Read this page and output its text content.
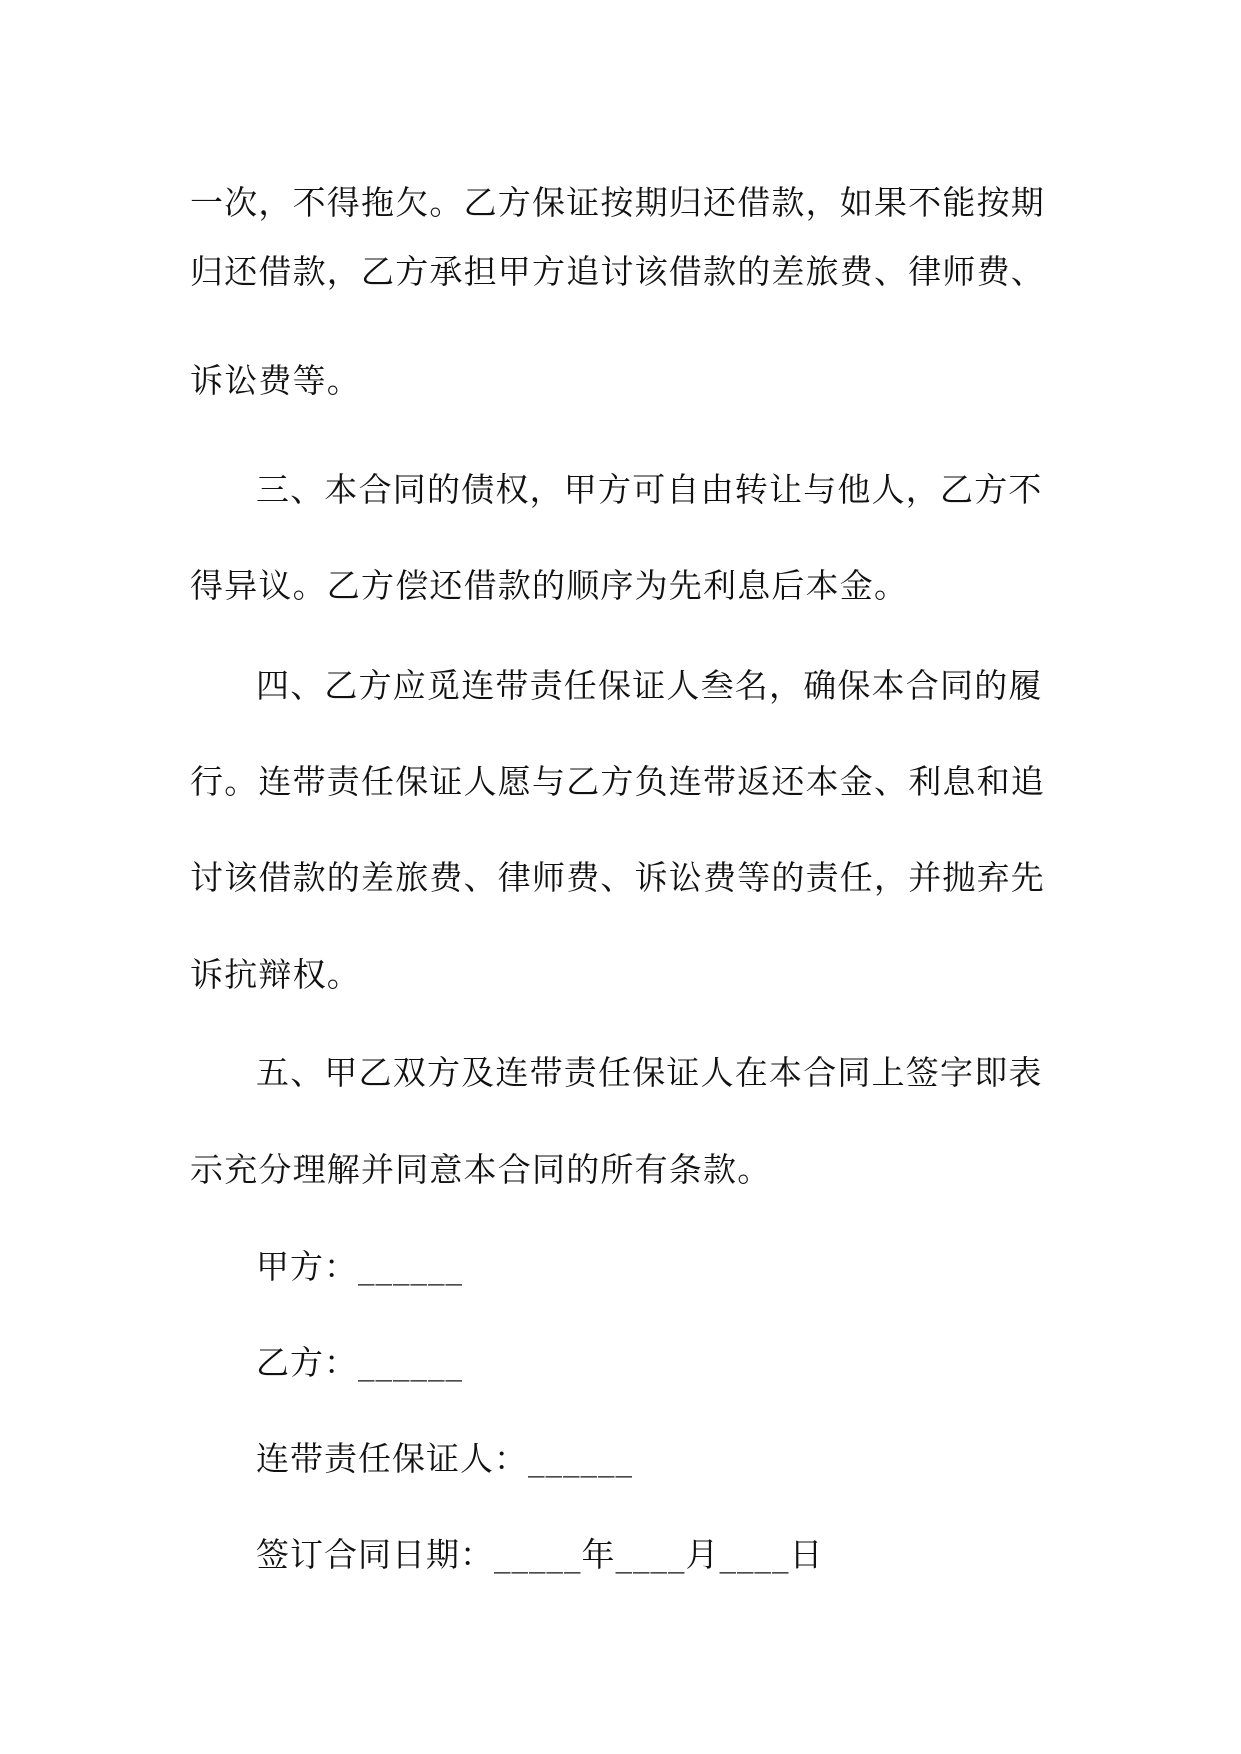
一次，不得拖欠。乙方保证按期归还借款，如果不能按期
归还借款，乙方承担甲方追讨该借款的差旅费、律师费、
诉讼费等。
三、本合同的债权，甲方可自由转让与他人，乙方不
得异议。乙方偿还借款的顺序为先利息后本金。
四、乙方应觅连带责任保证人叁名，确保本合同的履
行。连带责任保证人愿与乙方负连带返还本金、利息和追
讨该借款的差旅费、律师费、诉讼费等的责任，并抛弃先
诉抗辩权。
五、甲乙双方及连带责任保证人在本合同上签字即表
示充分理解并同意本合同的所有条款。
甲方：______
乙方：______
连带责任保证人：______
签订合同日期：_____年____月____日
